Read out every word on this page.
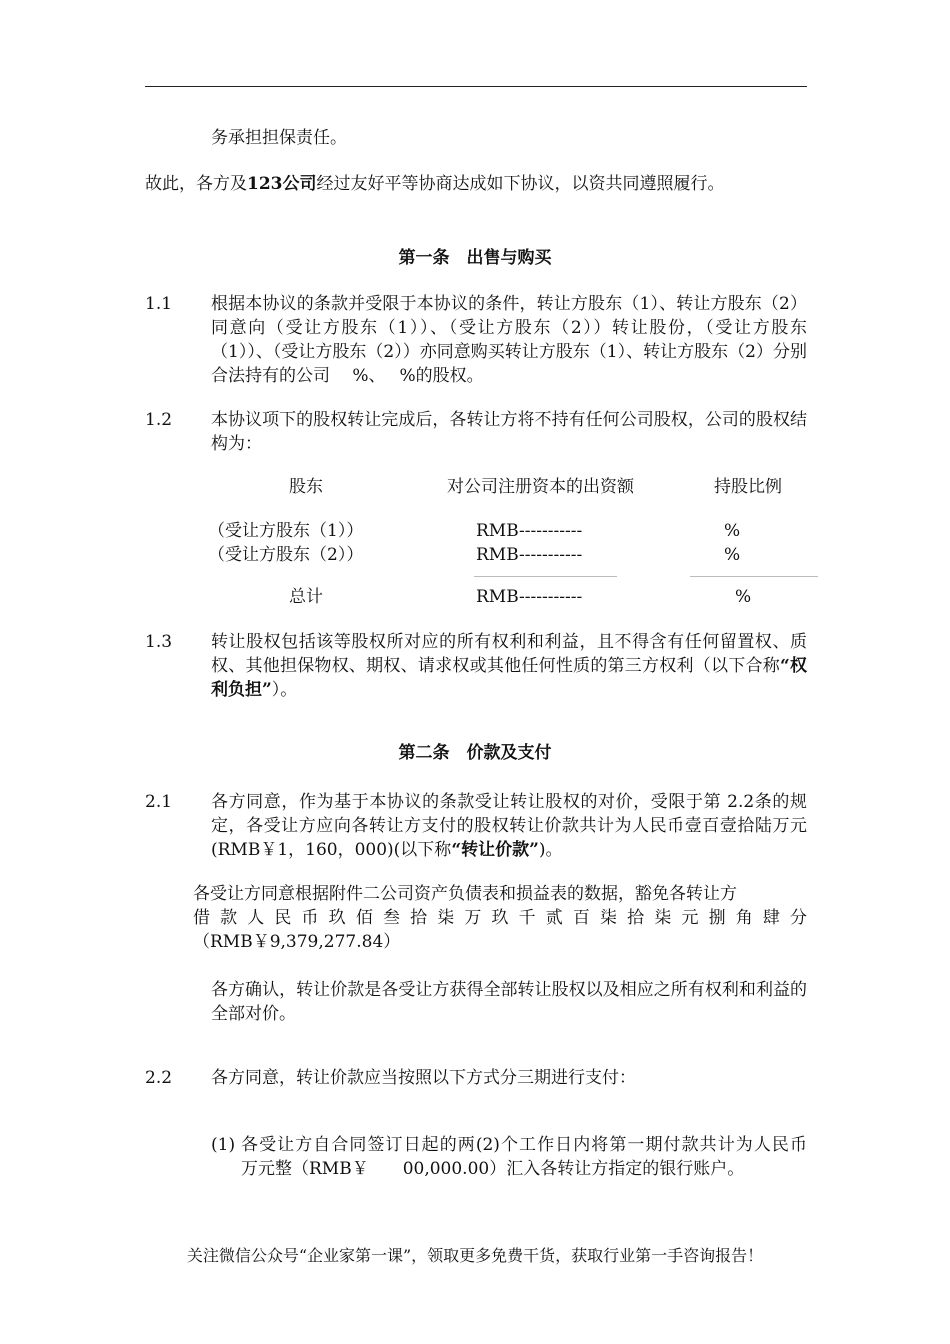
务承担担保责任。
故此，各方及123公司经过友好平等协商达成如下协议，以资共同遵照履行。
第一条　出售与购买
1.1 根据本协议的条款并受限于本协议的条件，转让方股东（1）、转让方股东（2）同意向（受让方股东（1））、（受让方股东（2））转让股份，（受让方股东（1））、（受让方股东（2））亦同意购买转让方股东（1）、转让方股东（2）分别合法持有的公司　 %、　 %的股权。
1.2 本协议项下的股权转让完成后，各转让方将不持有任何公司股权，公司的股权结构为：
股东	对公司注册资本的出资额	持股比例
（受让方股东（1））	RMB-----------	%
（受让方股东（2））	RMB-----------	%
总计	RMB-----------	%
1.3 转让股权包括该等股权所对应的所有权利和利益，且不得含有任何留置权、质权、其他担保物权、期权、请求权或其他任何性质的第三方权利（以下合称“权利负担”）。
第二条　价款及支付
2.1 各方同意，作为基于本协议的条款受让转让股权的对价，受限于第 2.2条的规定，各受让方应向各转让方支付的股权转让价款共计为人民币壹百壹拾陆万元(RMB￥1，160，000)(以下称“转让价款”)。
各受让方同意根据附件二公司资产负债表和损益表的数据，豁免各转让方
借款人民币玖佰叁拾柒万玖千贰百柒拾柒元捌角肆分
（RMB￥9,379,277.84）
各方确认，转让价款是各受让方获得全部转让股权以及相应之所有权利和利益的全部对价。
2.2 各方同意，转让价款应当按照以下方式分三期进行支付：
(1) 各受让方自合同签订日起的两(2)个工作日内将第一期付款共计为人民币　　万元整（RMB￥　　00,000.00）汇入各转让方指定的银行账户。
关注微信公众号“企业家第一课”，领取更多免费干货，获取行业第一手咨询报告！
